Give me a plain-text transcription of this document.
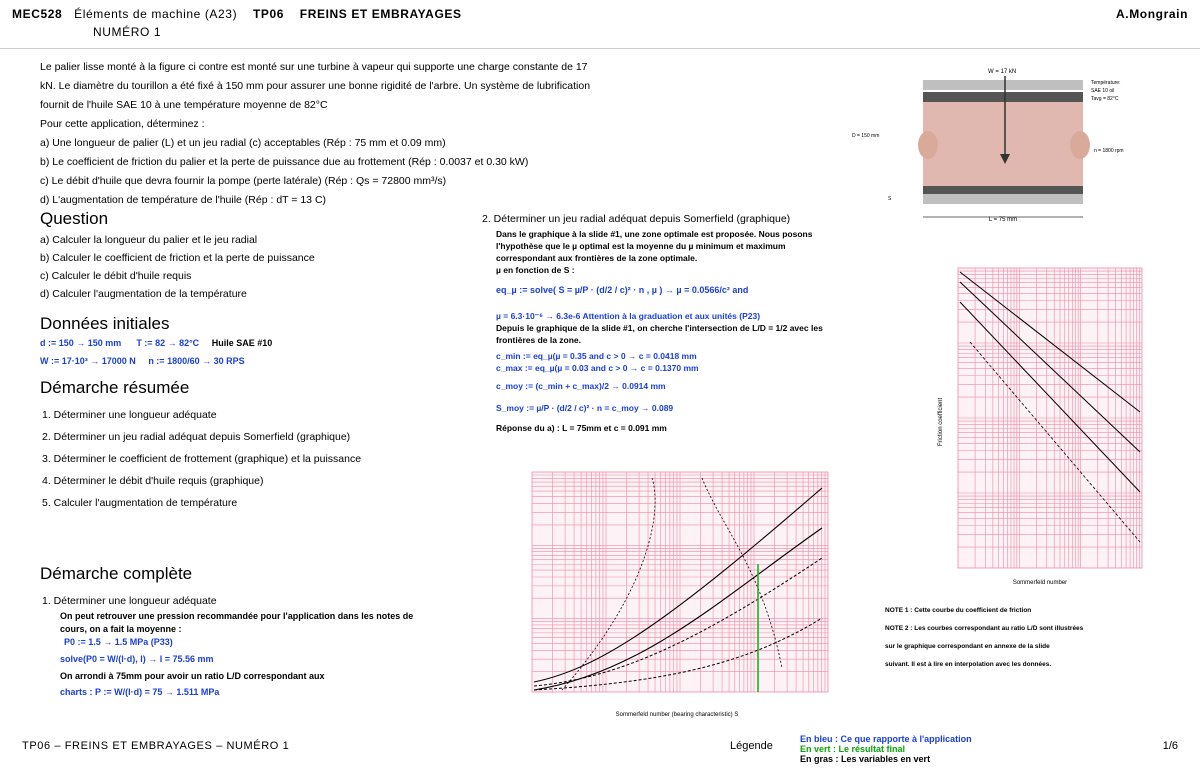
MEC528 Éléments de machine (A23) TP06 FREINS ET EMBRAYAGES
NUMÉRO 1
A.Mongrain
Le palier lisse monté à la figure ci contre est monté sur une turbine à vapeur qui supporte une charge constante de 17
kN. Le diamètre du tourillon a été fixé à 150 mm pour assurer une bonne rigidité de l'arbre. Un système de lubrification
fournit de l'huile SAE 10 à une température moyenne de 82°C
Pour cette application, déterminez :
a) Une longueur de palier (L) et un jeu radial (c) acceptables (Rép : 75 mm et 0.09 mm)
b) Le coefficient de friction du palier et la perte de puissance due au frottement (Rép : 0.0037 et 0.30 kW)
c) Le débit d'huile que devra fournir la pompe (perte latérale) (Rép : Qs = 72800 mm³/s)
d) L'augmentation de température de l'huile (Rép : dT = 13 C)
Question
a) Calculer la longueur du palier et le jeu radial
b) Calculer le coefficient de friction et la perte de puissance
c) Calculer le débit d'huile requis
d) Calculer l'augmentation de la température
Données initiales
d := 150 → 150 mm T := 82 → 82°C Huile SAE #10
W := 17·10³ → 17000 N n := 1800/60 → 30 RPS
Démarche résumée
1. Déterminer une longueur adéquate
2. Déterminer un jeu radial adéquat depuis Somerfield (graphique)
3. Déterminer le coefficient de frottement (graphique) et la puissance
4. Déterminer le débit d'huile requis (graphique)
5. Calculer l'augmentation de température
Démarche complète
1. Déterminer une longueur adéquate
On peut retrouver une pression recommandée pour l'application dans les notes de cours, on a fait la moyenne :
P0 := 1.5 → 1.5 MPa (P33)
solve(P0 = W/(l·d), l) → l = 75.56 mm
On arrondi à 75mm pour avoir un ratio L/D correspondant aux
charts : P := W/(l·d) = 75 → 1.511 MPa
2. Déterminer un jeu radial adéquat depuis Somerfield (graphique)
Dans le graphique à la slide #1, une zone optimale est proposée. Nous posons
l'hypothèse que le µ optimal est la moyenne du µ minimum et maximum
correspondant aux frontières de la zone optimale.
µ en fonction de S :
eq_µ := solve( S = µ/P · (d/2 / c)² · n , µ ) → µ = 0.0566/c² and
µ = 6.3·10⁻⁶ → 6.3e-6 Attention à la graduation et aux unités (P23)
Depuis le graphique de la slide #1, on cherche l'intersection de L/D = 1/2 avec les
frontières de la zone.
c_min := eq_µ(µ = 0.35 and c > 0 → c = 0.0418 mm
c_max := eq_µ(µ = 0.03 and c > 0 → c = 0.1370 mm
c_moy := (c_min + c_max)/2 → 0.0914 mm
S_moy := µ/P · (d/2 / c)² · n = c_moy → 0.089
Réponse du a) : L = 75mm et c = 0.091 mm
L = 75 mm
W = 17 kN
Température:
SAE 10 oil
Tavg = 82°C
D = 150 mm
n = 1800 rpm
S
Sommerfeld number (bearing characteristic) S
Sommerfeld number
Friction coefficient
NOTE 1 : Cette courbe du coefficient de friction
NOTE 2 : Les courbes correspondant au ratio L/D sont illustrées
sur le graphique correspondant en annexe de la slide
suivant. Il est à lire en interpolation avec les données.
TP06 – FREINS ET EMBRAYAGES – NUMÉRO 1	Légende
En bleu : Ce que rapporte à l'application
En vert : Le résultat final
En gras : Les variables en vert
1/6
